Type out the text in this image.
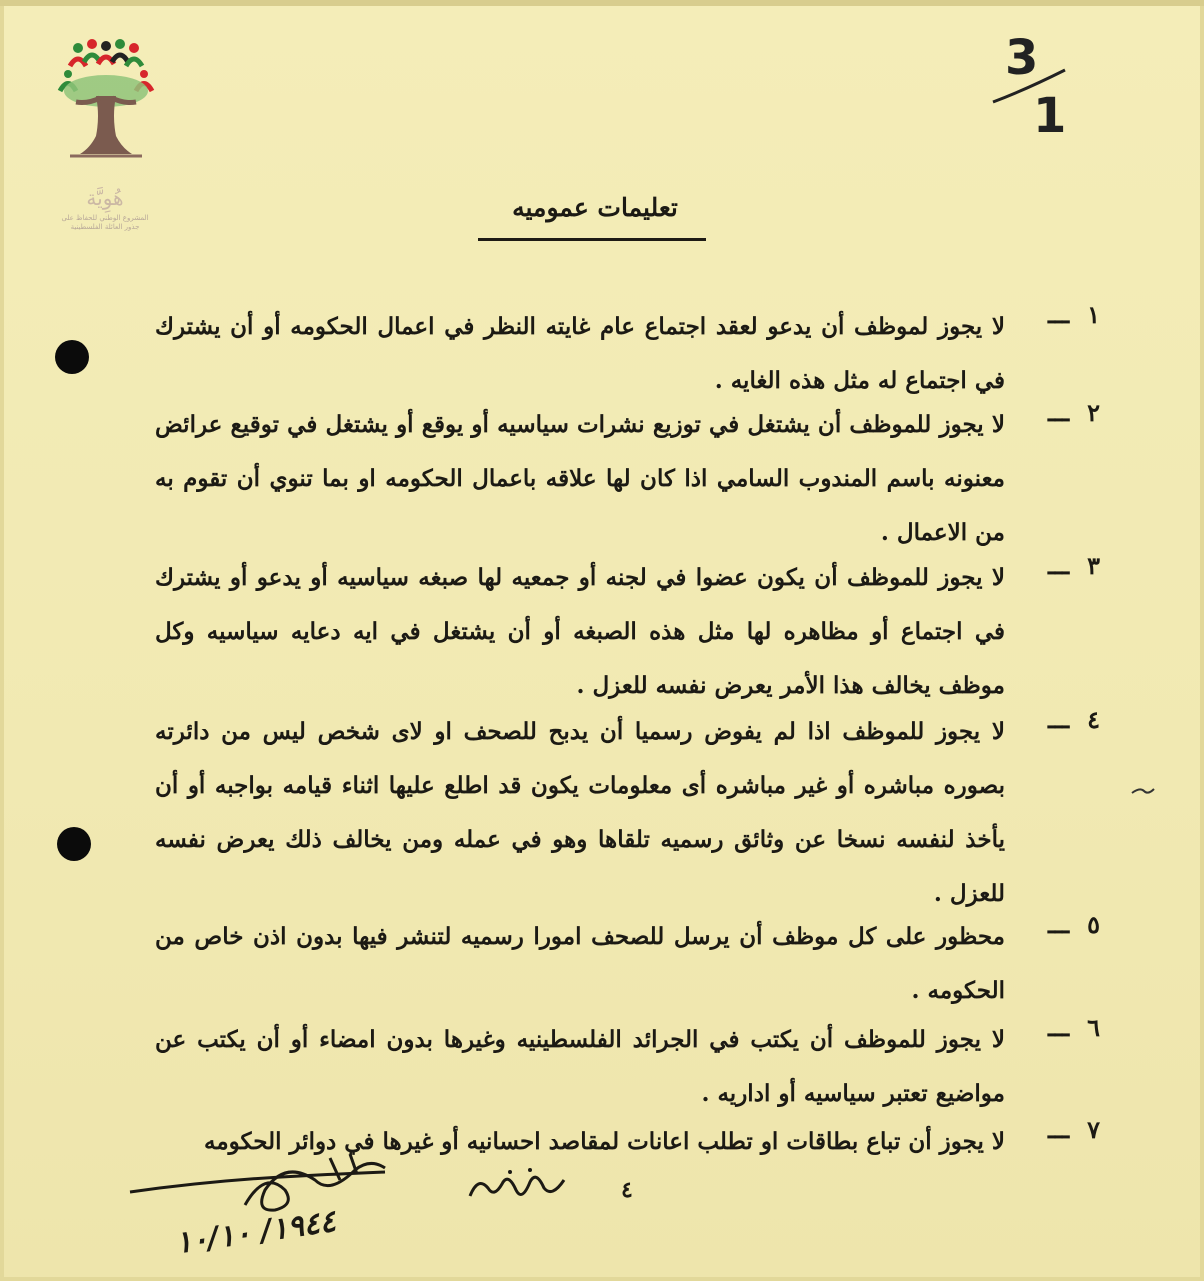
هُوِيَّة
المشروع الوطني للحفاظ على
جذور العائلة الفلسطينية
3
1
تعليمات عموميه
١ـــ
لا يجوز لموظف أن يدعو لعقد اجتماع عام غايته النظر في اعمال الحكومه أو أن يشترك في اجتماع له مثل هذه الغايه .
٢ـــ
لا يجوز للموظف أن يشتغل في توزيع نشرات سياسيه أو يوقع أو يشتغل في توقيع عرائض معنونه باسم المندوب السامي اذا كان لها علاقه باعمال الحكومه او بما تنوي أن تقوم به من الاعمال .
٣ـــ
لا يجوز للموظف أن يكون عضوا في لجنه أو جمعيه لها صبغه سياسيه أو يدعو أو يشترك في اجتماع أو مظاهره لها مثل هذه الصبغه أو أن يشتغل في ايه دعايه سياسيه وكل موظف يخالف هذا الأمر يعرض نفسه للعزل .
٤ـــ
لا يجوز للموظف اذا لم يفوض رسميا أن يدبح للصحف او لاى شخص ليس من دائرته بصوره مباشره أو غير مباشره أى معلومات يكون قد اطلع عليها اثناء قيامه بواجبه أو أن يأخذ لنفسه نسخا عن وثائق رسميه تلقاها وهو في عمله ومن يخالف ذلك يعرض نفسه للعزل .
٥ـــ
محظور على كل موظف أن يرسل للصحف امورا رسميه لتنشر فيها بدون اذن خاص من الحكومه .
٦ـــ
لا يجوز للموظف أن يكتب في الجرائد الفلسطينيه وغيرها بدون امضاء أو أن يكتب عن مواضيع تعتبر سياسيه أو اداريه .
٧ـــ
لا يجوز أن تباع بطاقات او تطلب اعانات لمقاصد احسانيه أو غيرها في دوائر الحكومه
٤
١٩٤٤/ ١٠/١٠
